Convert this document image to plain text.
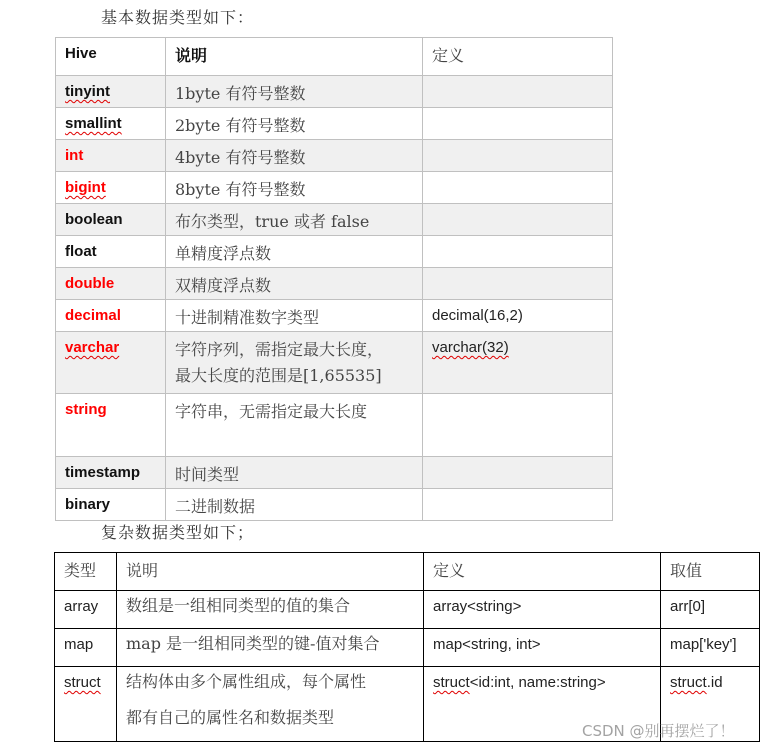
基本数据类型如下：
Hive	说明	定义
tinyint	1byte 有符号整数	
smallint	2byte 有符号整数	
int	4byte 有符号整数	
bigint	8byte 有符号整数	
boolean	布尔类型，true 或者 false	
float	单精度浮点数	
double	双精度浮点数	
decimal	十进制精准数字类型	decimal(16,2)
varchar	字符序列，需指定最大长度，
最大长度的范围是[1,65535]	varchar(32)
string	字符串，无需指定最大长度	
timestamp	时间类型	
binary	二进制数据	
复杂数据类型如下；
类型	说明	定义	取值
array	数组是一组相同类型的值的集合	array<string>	arr[0]
map	map 是一组相同类型的键-值对集合	map<string, int>	map['key']
struct	结构体由多个属性组成，每个属性
都有自己的属性名和数据类型	struct<id:int, name:string>	struct.id
CSDN @别再摆烂了！
